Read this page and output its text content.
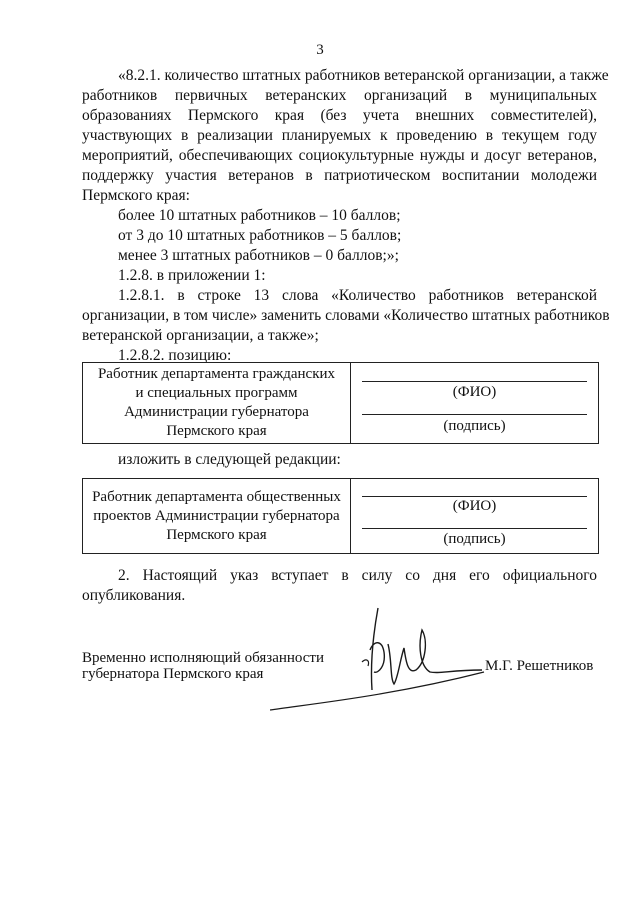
3
«8.2.1. количество штатных работников ветеранской организации, а также
работников первичных ветеранских организаций в муниципальных
образованиях Пермского края (без учета внешних совместителей),
участвующих в реализации планируемых к проведению в текущем году
мероприятий, обеспечивающих социокультурные нужды и досуг ветеранов,
поддержку участия ветеранов в патриотическом воспитании молодежи
Пермского края:
более 10 штатных работников – 10 баллов;
от 3 до 10 штатных работников – 5 баллов;
менее 3 штатных работников – 0 баллов;»;
1.2.8. в приложении 1:
1.2.8.1. в строке 13 слова «Количество работников ветеранской
организации, в том числе» заменить словами «Количество штатных работников
ветеранской организации, а также»;
1.2.8.2. позицию:
Работник департамента гражданских
и специальных программ
Администрации губернатора
Пермского края
(ФИО)
(подпись)
изложить в следующей редакции:
Работник департамента общественных
проектов Администрации губернатора
Пермского края
(ФИО)
(подпись)
2. Настоящий указ вступает в силу со дня его официального
опубликования.
Временно исполняющий обязанности
губернатора Пермского края	М.Г. Решетников
